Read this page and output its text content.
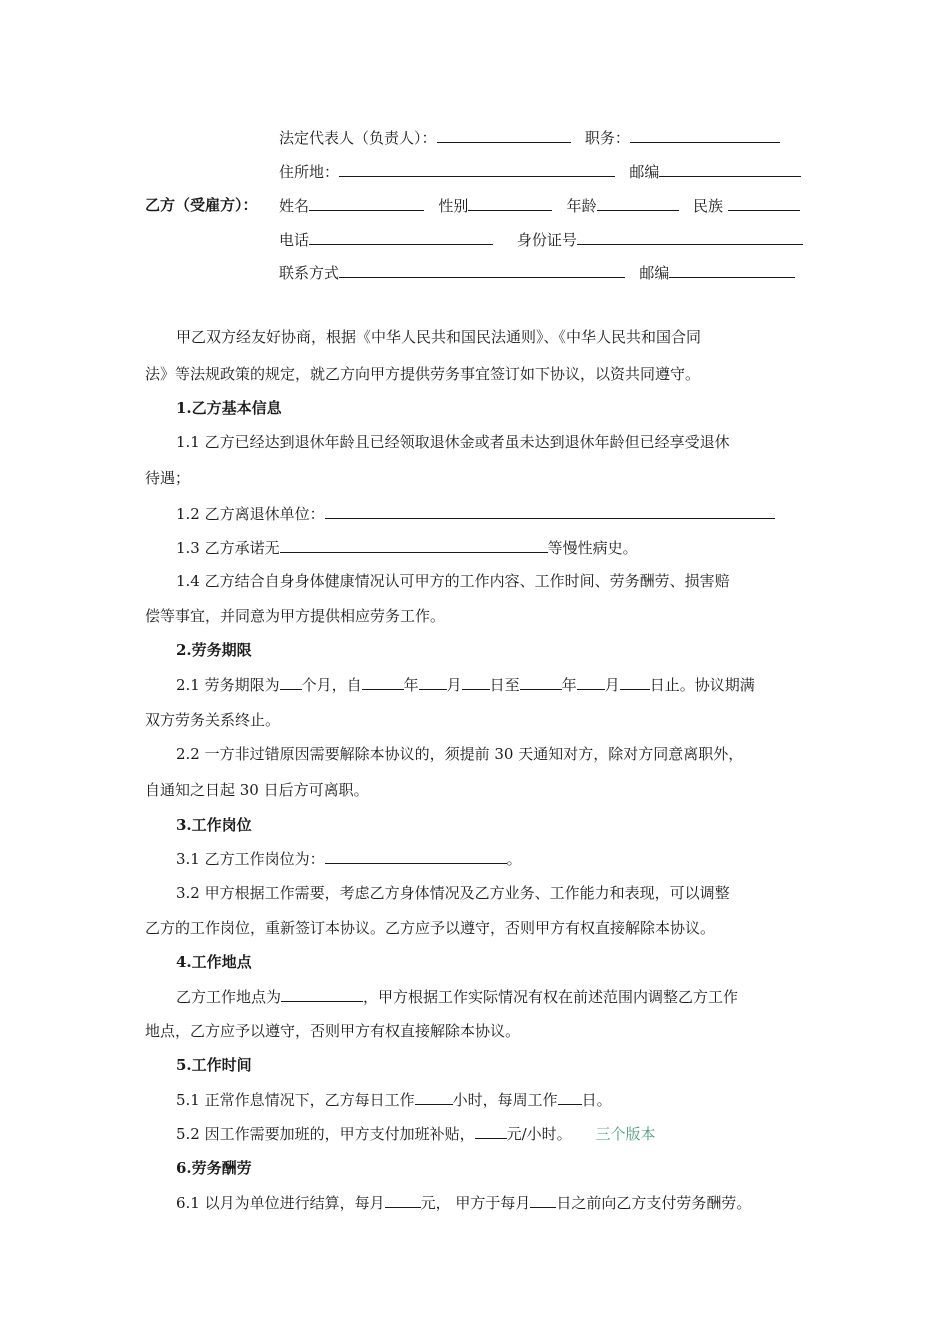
法定代表人（负责人）：	职务：
住所地：	邮编
乙方（受雇方）： 姓名	性别	年龄	民族
电话	身份证号
联系方式	邮编
甲乙双方经友好协商，根据《中华人民共和国民法通则》、《中华人民共和国合同
法》等法规政策的规定，就乙方向甲方提供劳务事宜签订如下协议，以资共同遵守。
1.乙方基本信息
1.1 乙方已经达到退休年龄且已经领取退休金或者虽未达到退休年龄但已经享受退休
待遇；
1.2 乙方离退休单位：
1.3 乙方承诺无	等慢性病史。
1.4 乙方结合自身身体健康情况认可甲方的工作内容、工作时间、劳务酬劳、损害赔
偿等事宜，并同意为甲方提供相应劳务工作。
2.劳务期限
2.1 劳务期限为 个月，自	年 月 日至	年 月 日止。协议期满
双方劳务关系终止。
2.2 一方非过错原因需要解除本协议的，须提前 30 天通知对方，除对方同意离职外，
自通知之日起 30 日后方可离职。
3.工作岗位
3.1 乙方工作岗位为：	。
3.2 甲方根据工作需要，考虑乙方身体情况及乙方业务、工作能力和表现，可以调整
乙方的工作岗位，重新签订本协议。乙方应予以遵守，否则甲方有权直接解除本协议。
4.工作地点
乙方工作地点为	，甲方根据工作实际情况有权在前述范围内调整乙方工作
地点，乙方应予以遵守，否则甲方有权直接解除本协议。
5.工作时间
5.1 正常作息情况下，乙方每日工作	小时，每周工作 日。
5.2 因工作需要加班的，甲方支付加班补贴， 元/小时。 三个版本
6.劳务酬劳
6.1 以月为单位进行结算，每月 元， 甲方于每月 日之前向乙方支付劳务酬劳。
